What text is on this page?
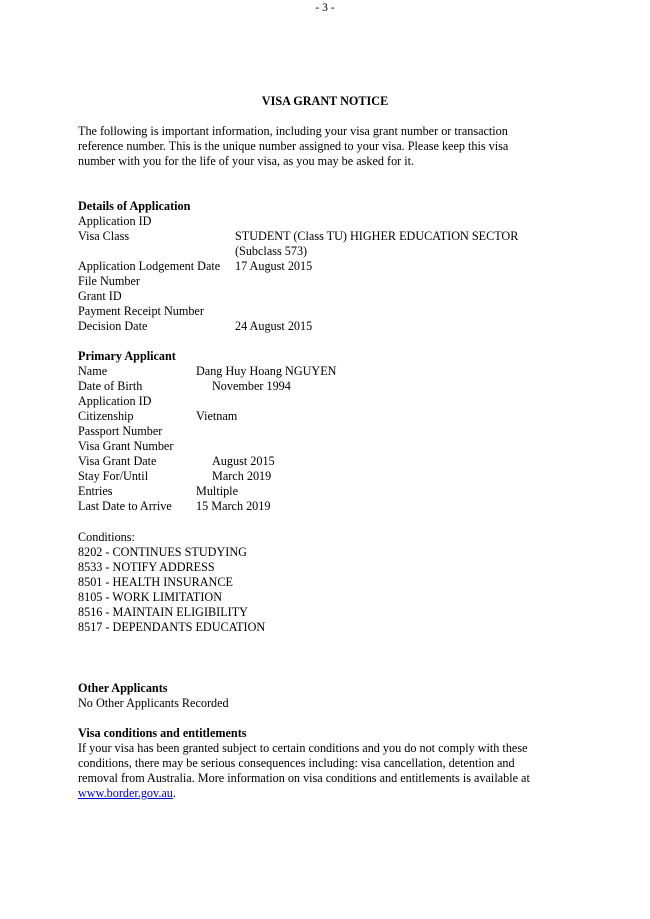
- 3 -
VISA GRANT NOTICE
The following is important information, including your visa grant number or transaction
reference number. This is the unique number assigned to your visa. Please keep this visa
number with you for the life of your visa, as you may be asked for it.
Details of Application
Application ID
Visa Class	STUDENT (Class TU) HIGHER EDUCATION SECTOR
(Subclass 573)
Application Lodgement Date 17 August 2015
File Number
Grant ID
Payment Receipt Number
Decision Date	24 August 2015
Primary Applicant
Name	Dang Huy Hoang NGUYEN
Date of Birth	November 1994
Application ID
Citizenship	Vietnam
Passport Number
Visa Grant Number
Visa Grant Date	August 2015
Stay For/Until	March 2019
Entries	Multiple
Last Date to Arrive 15 March 2019
Conditions:
8202 - CONTINUES STUDYING
8533 - NOTIFY ADDRESS
8501 - HEALTH INSURANCE
8105 - WORK LIMITATION
8516 - MAINTAIN ELIGIBILITY
8517 - DEPENDANTS EDUCATION
Other Applicants
No Other Applicants Recorded
Visa conditions and entitlements
If your visa has been granted subject to certain conditions and you do not comply with these
conditions, there may be serious consequences including: visa cancellation, detention and
removal from Australia. More information on visa conditions and entitlements is available at
www.border.gov.au.
